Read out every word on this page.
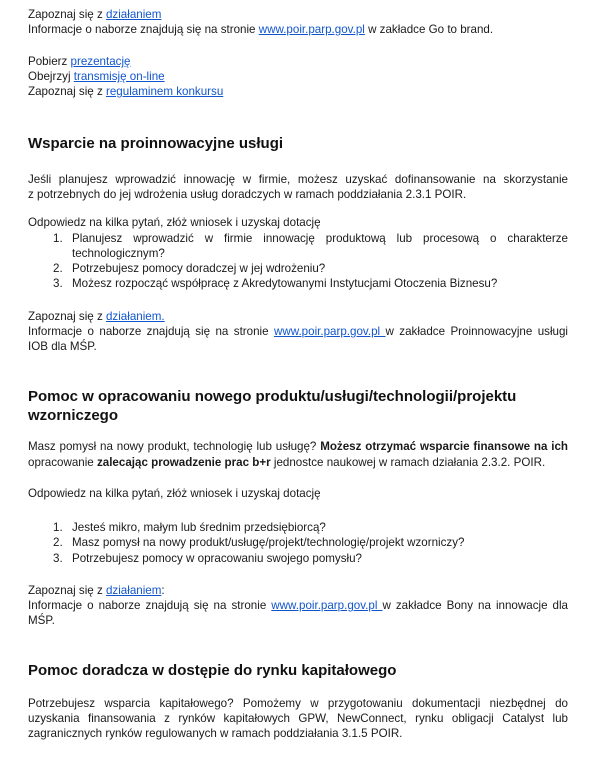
Zapoznaj się z działaniem
Informacje o naborze znajdują się na stronie www.poir.parp.gov.pl w zakładce Go to brand.
Pobierz prezentację
Obejrzyj transmisję on-line
Zapoznaj się z regulaminem konkursu
Wsparcie na proinnowacyjne usługi
Jeśli planujesz wprowadzić innowację w firmie, możesz uzyskać dofinansowanie na skorzystanie
z potrzebnych do jej wdrożenia usług doradczych w ramach poddziałania 2.3.1 POIR.
Odpowiedz na kilka pytań, złóż wniosek i uzyskaj dotację
1. Planujesz wprowadzić w firmie innowację produktową lub procesową o charakterze
technologicznym?
2. Potrzebujesz pomocy doradczej w jej wdrożeniu?
3. Możesz rozpocząć współpracę z Akredytowanymi Instytucjami Otoczenia Biznesu?
Zapoznaj się z działaniem.
Informacje o naborze znajdują się na stronie www.poir.parp.gov.pl w zakładce Proinnowacyjne usługi
IOB dla MŚP.
Pomoc w opracowaniu nowego produktu/usługi/technologii/projektu
wzorniczego
Masz pomysł na nowy produkt, technologię lub usługę? Możesz otrzymać wsparcie finansowe na ich
opracowanie zalecając prowadzenie prac b+r jednostce naukowej w ramach działania 2.3.2. POIR.
Odpowiedz na kilka pytań, złóż wniosek i uzyskaj dotację
1. Jesteś mikro, małym lub średnim przedsiębiorcą?
2. Masz pomysł na nowy produkt/usługę/projekt/technologię/projekt wzorniczy?
3. Potrzebujesz pomocy w opracowaniu swojego pomysłu?
Zapoznaj się z działaniem:
Informacje o naborze znajdują się na stronie www.poir.parp.gov.pl w zakładce Bony na innowacje dla
MŚP.
Pomoc doradcza w dostępie do rynku kapitałowego
Potrzebujesz wsparcia kapitałowego? Pomożemy w przygotowaniu dokumentacji niezbędnej do
uzyskania finansowania z rynków kapitałowych GPW, NewConnect, rynku obligacji Catalyst lub
zagranicznych rynków regulowanych w ramach poddziałania 3.1.5 POIR.
